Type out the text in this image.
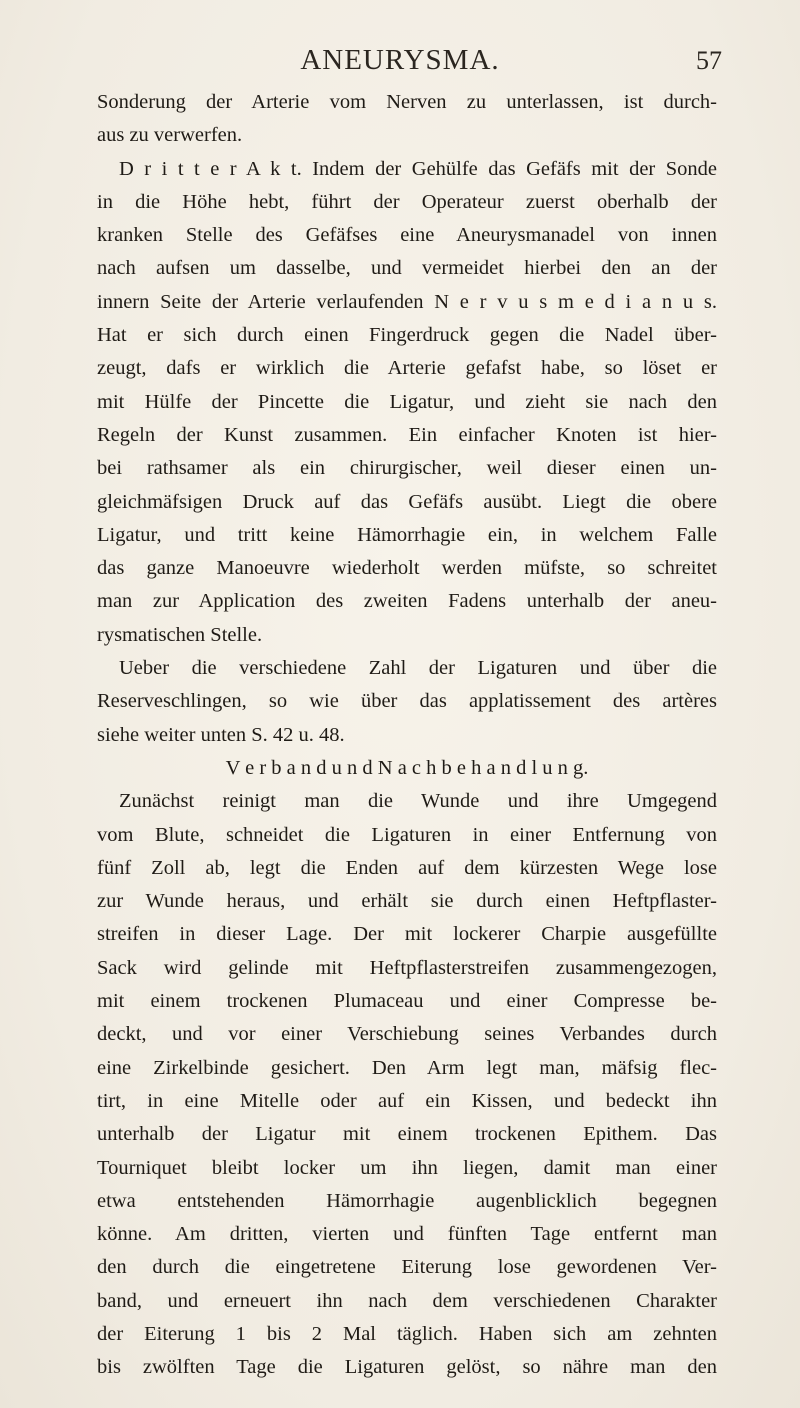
ANEURYSMA.	57
Sonderung der Arterie vom Nerven zu unterlassen, ist durch-
aus zu verwerfen.
D r i t t e r A k t. Indem der Gehülfe das Gefäfs mit der Sonde
in die Höhe hebt, führt der Operateur zuerst oberhalb der
kranken Stelle des Gefäfses eine Aneurysmanadel von innen
nach aufsen um dasselbe, und vermeidet hierbei den an der
innern Seite der Arterie verlaufenden N e r v u s m e d i a n u s.
Hat er sich durch einen Fingerdruck gegen die Nadel über-
zeugt, dafs er wirklich die Arterie gefafst habe, so löset er
mit Hülfe der Pincette die Ligatur, und zieht sie nach den
Regeln der Kunst zusammen. Ein einfacher Knoten ist hier-
bei rathsamer als ein chirurgischer, weil dieser einen un-
gleichmäfsigen Druck auf das Gefäfs ausübt. Liegt die obere
Ligatur, und tritt keine Hämorrhagie ein, in welchem Falle
das ganze Manoeuvre wiederholt werden müfste, so schreitet
man zur Application des zweiten Fadens unterhalb der aneu-
rysmatischen Stelle.
Ueber die verschiedene Zahl der Ligaturen und über die
Reserveschlingen, so wie über das applatissement des artères
siehe weiter unten S. 42 u. 48.
V e r b a n d u n d N a c h b e h a n d l u n g.
Zunächst reinigt man die Wunde und ihre Umgegend
vom Blute, schneidet die Ligaturen in einer Entfernung von
fünf Zoll ab, legt die Enden auf dem kürzesten Wege lose
zur Wunde heraus, und erhält sie durch einen Heftpflaster-
streifen in dieser Lage. Der mit lockerer Charpie ausgefüllte
Sack wird gelinde mit Heftpflasterstreifen zusammengezogen,
mit einem trockenen Plumaceau und einer Compresse be-
deckt, und vor einer Verschiebung seines Verbandes durch
eine Zirkelbinde gesichert. Den Arm legt man, mäfsig flec-
tirt, in eine Mitelle oder auf ein Kissen, und bedeckt ihn
unterhalb der Ligatur mit einem trockenen Epithem. Das
Tourniquet bleibt locker um ihn liegen, damit man einer
etwa entstehenden Hämorrhagie augenblicklich begegnen
könne. Am dritten, vierten und fünften Tage entfernt man
den durch die eingetretene Eiterung lose gewordenen Ver-
band, und erneuert ihn nach dem verschiedenen Charakter
der Eiterung 1 bis 2 Mal täglich. Haben sich am zehnten
bis zwölften Tage die Ligaturen gelöst, so nähre man den
